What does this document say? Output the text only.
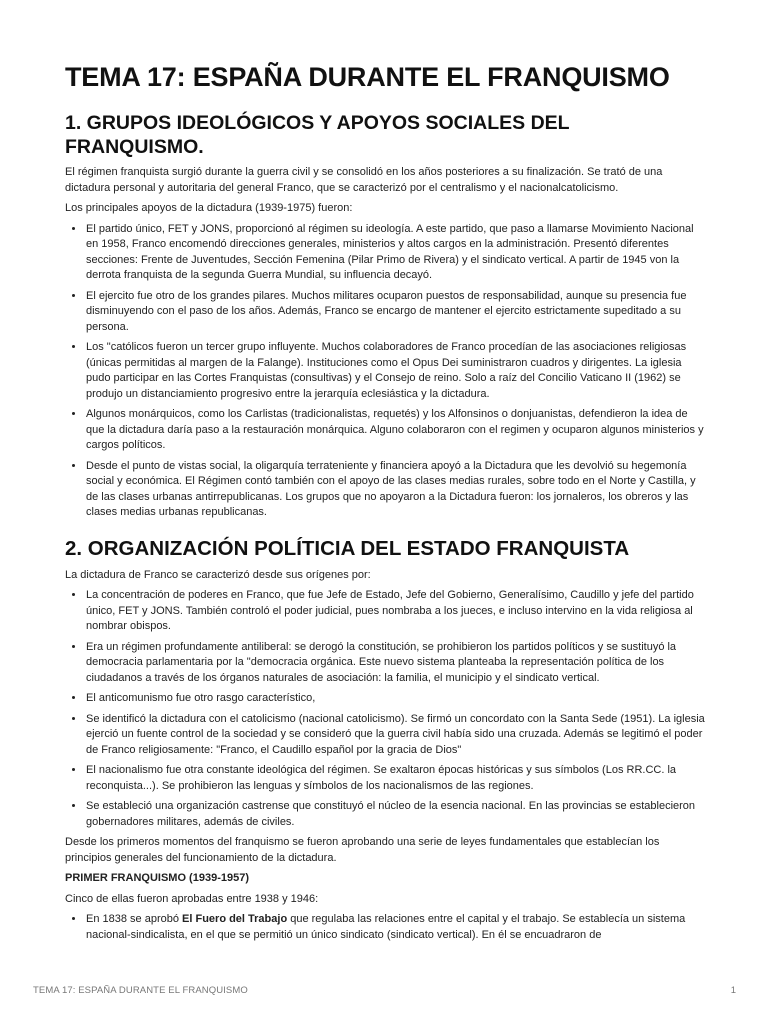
TEMA 17: ESPAÑA DURANTE EL FRANQUISMO
1. GRUPOS IDEOLÓGICOS Y APOYOS SOCIALES DEL FRANQUISMO.

El régimen franquista surgió durante la guerra civil y se consolidó en los años posteriores a su finalización. Se trató de una dictadura personal y autoritaria del general Franco, que se caracterizó por el centralismo y el nacionalcatolicismo.

Los principales apoyos de la dictadura (1939-1975) fueron:

• El partido único, FET y JONS, proporcionó al régimen su ideología. A este partido, que paso a llamarse Movimiento Nacional en 1958, Franco encomendó direcciones generales, ministerios y altos cargos en la administración. Presentó diferentes secciones: Frente de Juventudes, Sección Femenina (Pilar Primo de Rivera) y el sindicato vertical. A partir de 1945 von la derrota franquista de la segunda Guerra Mundial, su influencia decayó.
• El ejercito fue otro de los grandes pilares. Muchos militares ocuparon puestos de responsabilidad, aunque su presencia fue disminuyendo con el paso de los años. Además, Franco se encargo de mantener el ejercito estrictamente supeditado a su persona.
• Los "católicos fueron un tercer grupo influyente. Muchos colaboradores de Franco procedían de las asociaciones religiosas (únicas permitidas al margen de la Falange). Instituciones como el Opus Dei suministraron cuadros y dirigentes. La iglesia pudo participar en las Cortes Franquistas (consultivas) y el Consejo de reino. Solo a raíz del Concilio Vaticano II (1962) se produjo un distanciamiento progresivo entre la jerarquía eclesiástica y la dictadura.
• Algunos monárquicos, como los Carlistas (tradicionalistas, requetés) y los Alfonsinos o donjuanistas, defendieron la idea de que la dictadura daría paso a la restauración monárquica. Alguno colaboraron con el regimen y ocuparon algunos ministerios y cargos políticos.
• Desde el punto de vistas social, la oligarquía terrateniente y financiera apoyó a la Dictadura que les devolvió su hegemonía social y económica. El Régimen contó también con el apoyo de las clases medias rurales, sobre todo en el Norte y Castilla, y de las clases urbanas antirrepublicanas. Los grupos que no apoyaron a la Dictadura fueron: los jornaleros, los obreros y las clases medias urbanas republicanas.
2. ORGANIZACIÓN POLÍTICIA DEL ESTADO FRANQUISTA

La dictadura de Franco se caracterizó desde sus orígenes por:

• La concentración de poderes en Franco, que fue Jefe de Estado, Jefe del Gobierno, Generalísimo, Caudillo y jefe del partido único, FET y JONS. También controló el poder judicial, pues nombraba a los jueces, e incluso intervino en la vida religiosa al nombrar obispos.
• Era un régimen profundamente antiliberal: se derogó la constitución, se prohibieron los partidos políticos y se sustituyó la democracia parlamentaria por la "democracia orgánica. Este nuevo sistema planteaba la representación política de los ciudadanos a través de los órganos naturales de asociación: la familia, el municipio y el sindicato vertical.
• El anticomunismo fue otro rasgo característico,
• Se identificó la dictadura con el catolicismo (nacional catolicismo). Se firmó un concordato con la Santa Sede (1951). La iglesia ejerció un fuente control de la sociedad y se consideró que la guerra civil había sido una cruzada. Además se legitimó el poder de Franco religiosamente: "Franco, el Caudillo español por la gracia de Dios"
• El nacionalismo fue otra constante ideológica del régimen. Se exaltaron épocas históricas y sus símbolos (Los RR.CC. la reconquista...). Se prohibieron las lenguas y símbolos de los nacionalismos de las regiones.
• Se estableció una organización castrense que constituyó el núcleo de la esencia nacional. En las provincias se establecieron gobernadores militares, además de civiles.

Desde los primeros momentos del franquismo se fueron aprobando una serie de leyes fundamentales que establecían los principios generales del funcionamiento de la dictadura.

PRIMER FRANQUISMO (1939-1957)

Cinco de ellas fueron aprobadas entre 1938 y 1946:

• En 1838 se aprobó El Fuero del Trabajo que regulaba las relaciones entre el capital y el trabajo. Se establecía un sistema nacional-sindicalista, en el que se permitió un único sindicato (sindicato vertical). En él se encuadraron de
TEMA 17: ESPAÑA DURANTE EL FRANQUISMO	1
